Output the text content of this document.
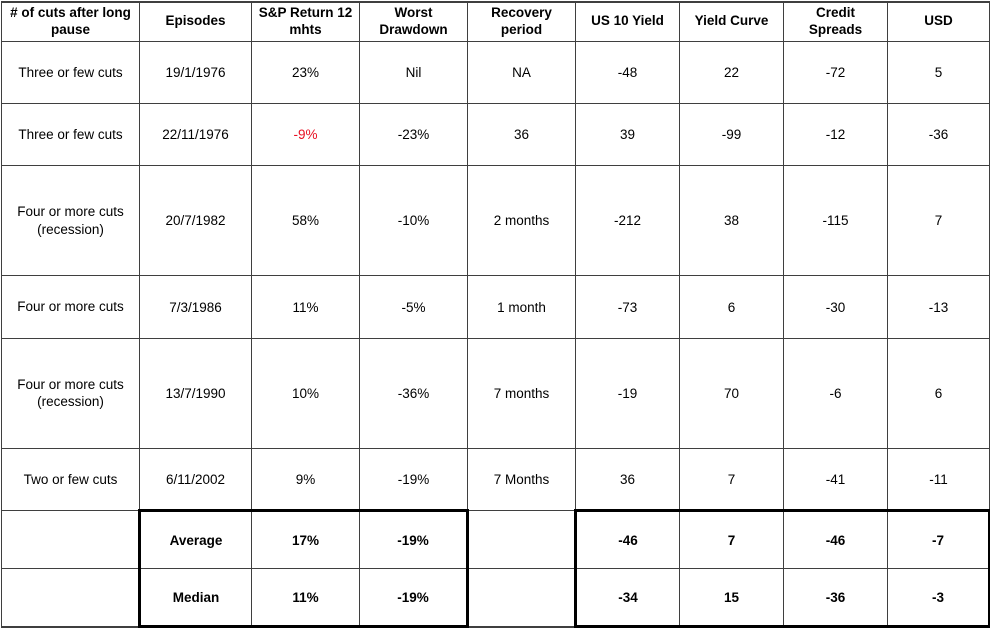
# of cuts after long pause	Episodes	S&P Return 12 mhts	Worst Drawdown	Recovery period	US 10 Yield	Yield Curve	Credit Spreads	USD
Three or few cuts	19/1/1976	23%	Nil	NA	-48	22	-72	5
Three or few cuts	22/11/1976	-9%	-23%	36	39	-99	-12	-36
Four or more cuts (recession)	20/7/1982	58%	-10%	2 months	-212	38	-115	7
Four or more cuts	7/3/1986	11%	-5%	1 month	-73	6	-30	-13
Four or more cuts (recession)	13/7/1990	10%	-36%	7 months	-19	70	-6	6
Two or few cuts	6/11/2002	9%	-19%	7 Months	36	7	-41	-11
	Average	17%	-19%		-46	7	-46	-7
	Median	11%	-19%		-34	15	-36	-3
